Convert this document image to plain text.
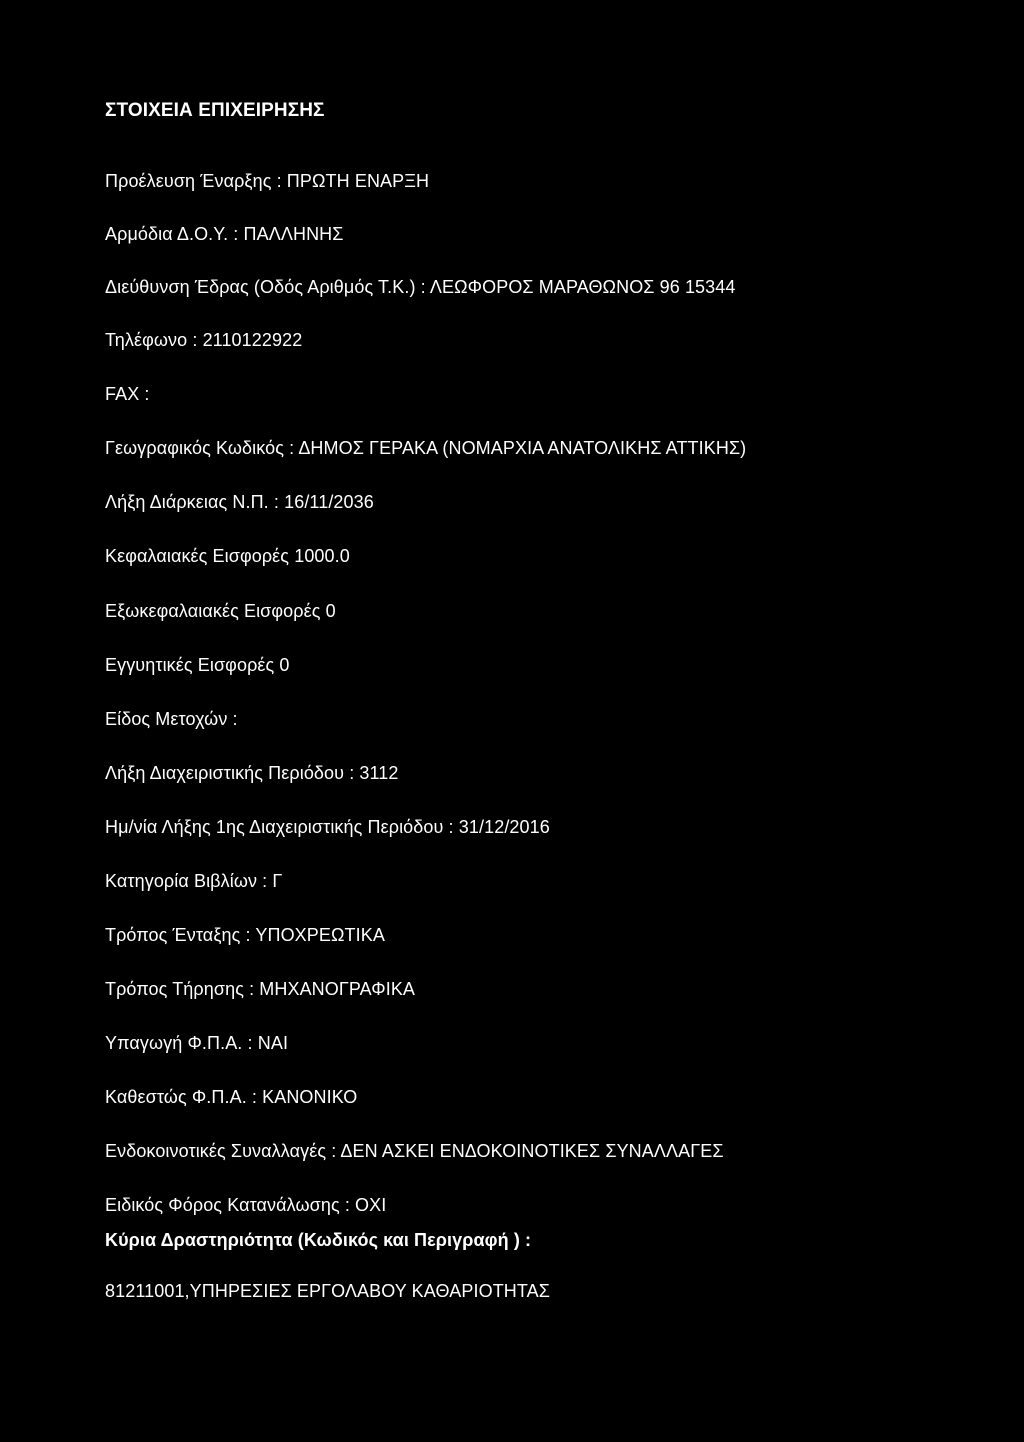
ΣΤΟΙΧΕΙΑ ΕΠΙΧΕΙΡΗΣΗΣ
Προέλευση Έναρξης : ΠΡΩΤΗ ΕΝΑΡΞΗ
Αρμόδια Δ.Ο.Υ. : ΠΑΛΛΗΝΗΣ
Διεύθυνση Έδρας (Οδός Αριθμός Τ.Κ.) : ΛΕΩΦΟΡΟΣ ΜΑΡΑΘΩΝΟΣ 96 15344
Τηλέφωνο : 2110122922
FAX :
Γεωγραφικός Κωδικός : ΔΗΜΟΣ ΓΕΡΑΚΑ (ΝΟΜΑΡΧΙΑ ΑΝΑΤΟΛΙΚΗΣ ΑΤΤΙΚΗΣ)
Λήξη Διάρκειας Ν.Π. : 16/11/2036
Κεφαλαιακές Εισφορές 1000.0
Εξωκεφαλαιακές Εισφορές 0
Εγγυητικές Εισφορές 0
Είδος Μετοχών :
Λήξη Διαχειριστικής Περιόδου : 3112
Ημ/νία Λήξης 1ης Διαχειριστικής Περιόδου : 31/12/2016
Κατηγορία Βιβλίων : Γ
Τρόπος Ένταξης : ΥΠΟΧΡΕΩΤΙΚΑ
Τρόπος Τήρησης : ΜΗΧΑΝΟΓΡΑΦΙΚΑ
Υπαγωγή Φ.Π.Α. : ΝΑΙ
Καθεστώς Φ.Π.Α. : ΚΑΝΟΝΙΚΟ
Ενδοκοινοτικές Συναλλαγές : ΔΕΝ ΑΣΚΕΙ ΕΝΔΟΚΟΙΝΟΤΙΚΕΣ ΣΥΝΑΛΛΑΓΕΣ
Ειδικός Φόρος Κατανάλωσης : ΟΧΙ
Κύρια Δραστηριότητα (Κωδικός και Περιγραφή ) :
81211001,ΥΠΗΡΕΣΙΕΣ ΕΡΓΟΛΑΒΟΥ ΚΑΘΑΡΙΟΤΗΤΑΣ
